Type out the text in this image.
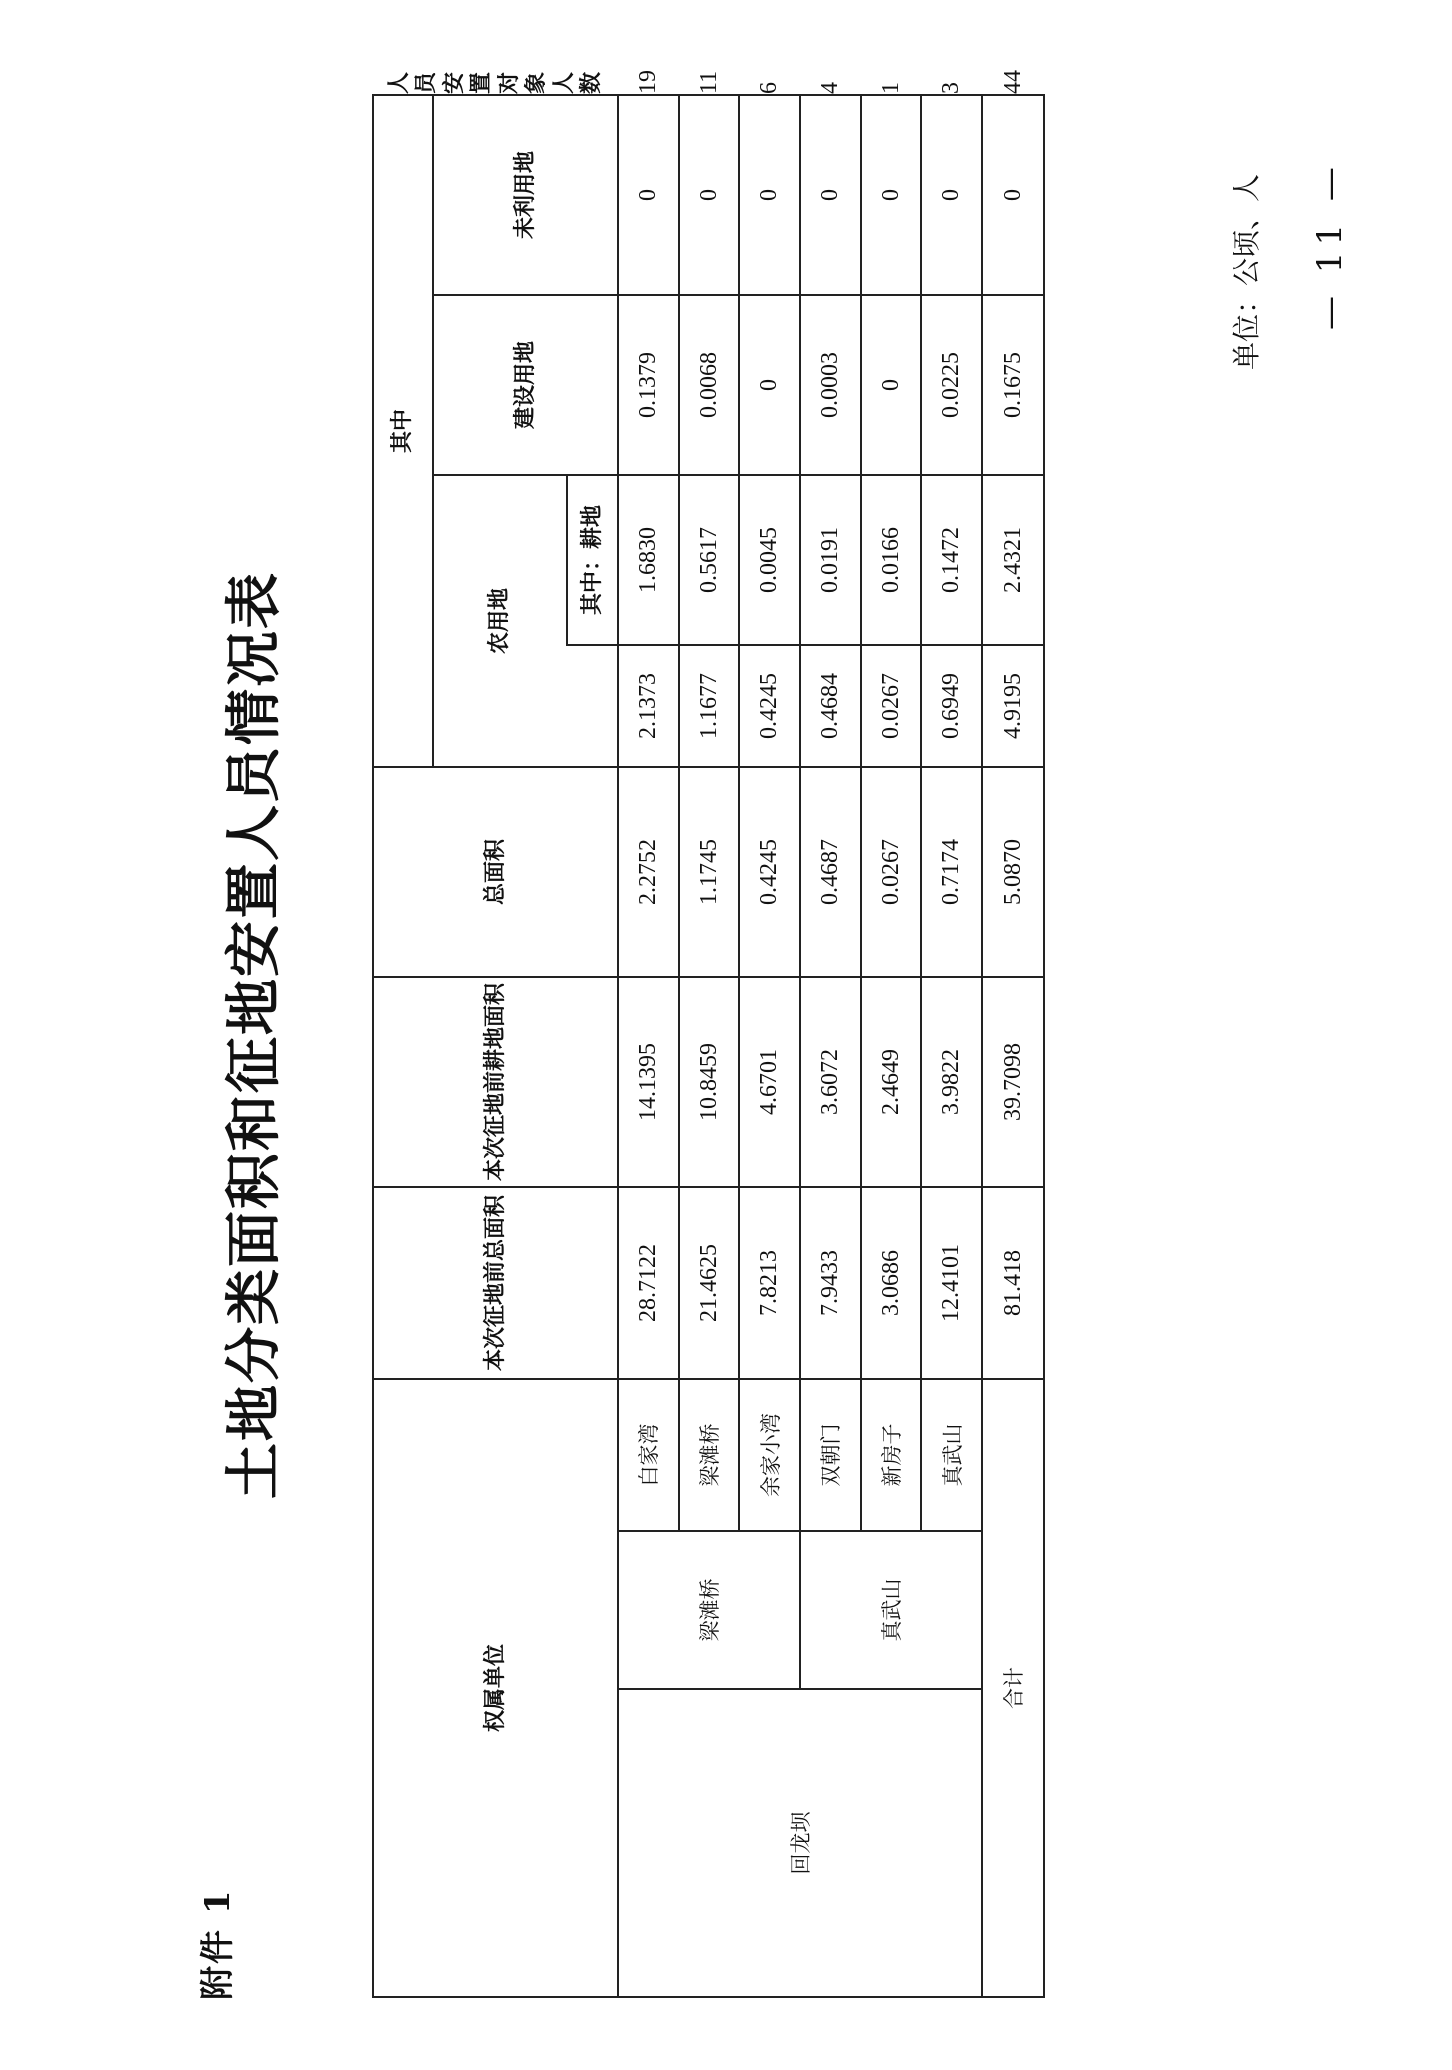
附件 1
土地分类面积和征地安置人员情况表
权属单位			本次征地前总面积	本次征地前耕地面积	总面积	其中				人员安置对象人数
						农用地		建设用地	未利用地	
							其中：耕地			
回龙坝	梁滩桥	白家湾	28.7122	14.1395	2.2752	2.1373	1.6830	0.1379	0	19
		梁滩桥	21.4625	10.8459	1.1745	1.1677	0.5617	0.0068	0	11
		余家小湾	7.8213	4.6701	0.4245	0.4245	0.0045	0	0	6
	真武山	双朝门	7.9433	3.6072	0.4687	0.4684	0.0191	0.0003	0	4
		新房子	3.0686	2.4649	0.0267	0.0267	0.0166	0	0	1
		真武山	12.4101	3.9822	0.7174	0.6949	0.1472	0.0225	0	3
合计			81.418	39.7098	5.0870	4.9195	2.4321	0.1675	0	44
单位：公顷、人 — 11 —
